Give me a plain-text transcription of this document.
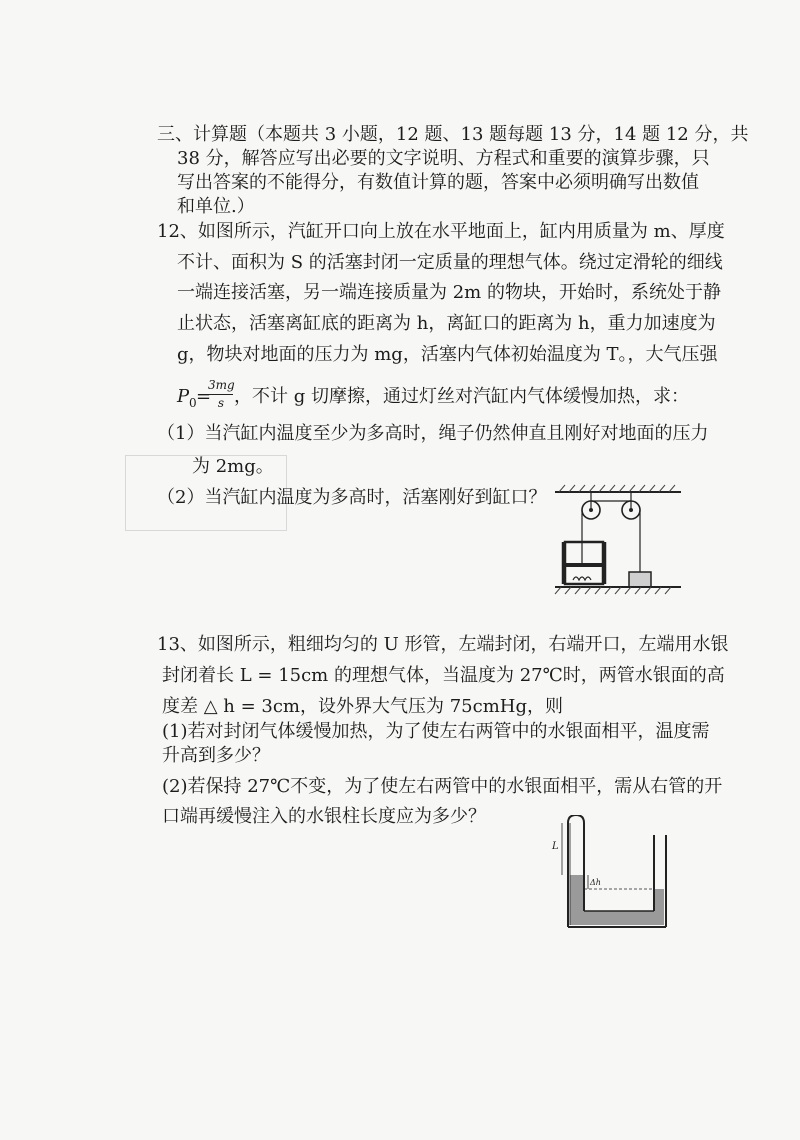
三、计算题（本题共 3 小题，12 题、13 题每题 13 分，14 题 12 分，共
38 分，解答应写出必要的文字说明、方程式和重要的演算步骤，只
写出答案的不能得分，有数值计算的题，答案中必须明确写出数值
和单位.）
12、如图所示，汽缸开口向上放在水平地面上，缸内用质量为 m、厚度
不计、面积为 S 的活塞封闭一定质量的理想气体。绕过定滑轮的细线
一端连接活塞，另一端连接质量为 2m 的物块，开始时，系统处于静
止状态，活塞离缸底的距离为 h，离缸口的距离为 h，重力加速度为
g，物块对地面的压力为 mg，活塞内气体初始温度为 T。，大气压强
P 0 =
3mg
s ，不计 g 切摩擦，通过灯丝对汽缸内气体缓慢加热，求：
（1）当汽缸内温度至少为多高时，绳子仍然伸直且刚好对地面的压力
为 2mg。
（2）当汽缸内温度为多高时，活塞刚好到缸口？
13、如图所示，粗细均匀的 U 形管，左端封闭，右端开口，左端用水银
封闭着长 L = 15cm 的理想气体，当温度为 27℃时，两管水银面的高
度差 △ h = 3cm，设外界大气压为 75cmHg，则
(1)若对封闭气体缓慢加热，为了使左右两管中的水银面相平，温度需
升高到多少？
(2)若保持 27℃不变，为了使左右两管中的水银面相平，需从右管的开
口端再缓慢注入的水银柱长度应为多少？
L
Δh
